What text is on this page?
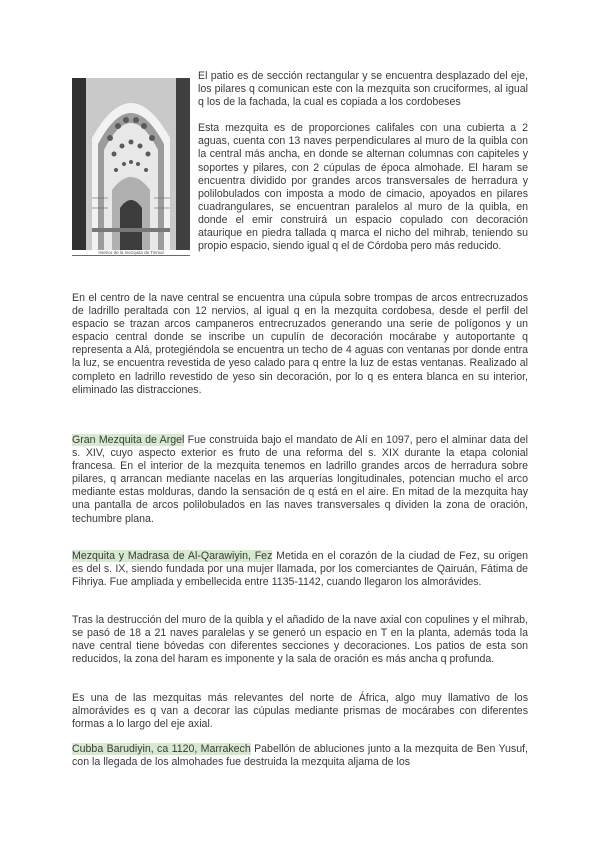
El patio es de sección rectangular y se encuentra desplazado del eje, los pilares q comunican este con la mezquita son cruciformes, al igual q los de la fachada, la cual es copiada a los cordobeses

Esta mezquita es de proporciones califales con una cubierta a 2 aguas, cuenta con 13 naves perpendiculares al muro de la quibla con la central más ancha, en donde se alternan columnas con capiteles y soportes y pilares, con 2 cúpulas de época almohade. El haram se encuentra dividido por grandes arcos transversales de herradura y polilobulados con imposta a modo de cimacio, apoyados en pilares cuadrangulares, se encuentran paralelos al muro de la quibla, en donde el emir construirá un espacio copulado con decoración ataurique en piedra tallada q marca el nicho del mihrab, teniendo su propio espacio, siendo igual q el de Córdoba pero más reducido.

Interior de la mezquita de Tinmal

En el centro de la nave central se encuentra una cúpula sobre trompas de arcos entrecruzados de ladrillo peraltada con 12 nervios, al igual q en la mezquita cordobesa, desde el perfil del espacio se trazan arcos campaneros entrecruzados generando una serie de polígonos y un espacio central donde se inscribe un cupulín de decoración mocárabe y autoportante q representa a Alá, protegiéndola se encuentra un techo de 4 aguas con ventanas por donde entra la luz, se encuentra revestida de yeso calado para q entre la luz de estas ventanas. Realizado al completo en ladrillo revestido de yeso sin decoración, por lo q es entera blanca en su interior, eliminado las distracciones.

Gran Mezquita de Argel Fue construida bajo el mandato de Alí en 1097, pero el alminar data del s. XIV, cuyo aspecto exterior es fruto de una reforma del s. XIX durante la etapa colonial francesa. En el interior de la mezquita tenemos en ladrillo grandes arcos de herradura sobre pilares, q arrancan mediante nacelas en las arquerías longitudinales, potencian mucho el arco mediante estas molduras, dando la sensación de q está en el aire. En mitad de la mezquita hay una pantalla de arcos polilobulados en las naves transversales q dividen la zona de oración, techumbre plana.

Mezquita y Madrasa de Al-Qarawiyin, Fez Metida en el corazón de la ciudad de Fez, su origen es del s. IX, siendo fundada por una mujer llamada, por los comerciantes de Qairuán, Fátima de Fihriya. Fue ampliada y embellecida entre 1135-1142, cuando llegaron los almorávides.

Tras la destrucción del muro de la quibla y el añadido de la nave axial con copulines y el mihrab, se pasó de 18 a 21 naves paralelas y se generó un espacio en T en la planta, además toda la nave central tiene bóvedas con diferentes secciones y decoraciones. Los patios de esta son reducidos, la zona del haram es imponente y la sala de oración es más ancha q profunda.

Es una de las mezquitas más relevantes del norte de África, algo muy llamativo de los almorávides es q van a decorar las cúpulas mediante prismas de mocárabes con diferentes formas a lo largo del eje axial.

Cubba Barudiyin, ca 1120, Marrakech Pabellón de abluciones junto a la mezquita de Ben Yusuf, con la llegada de los almohades fue destruida la mezquita aljama de los
